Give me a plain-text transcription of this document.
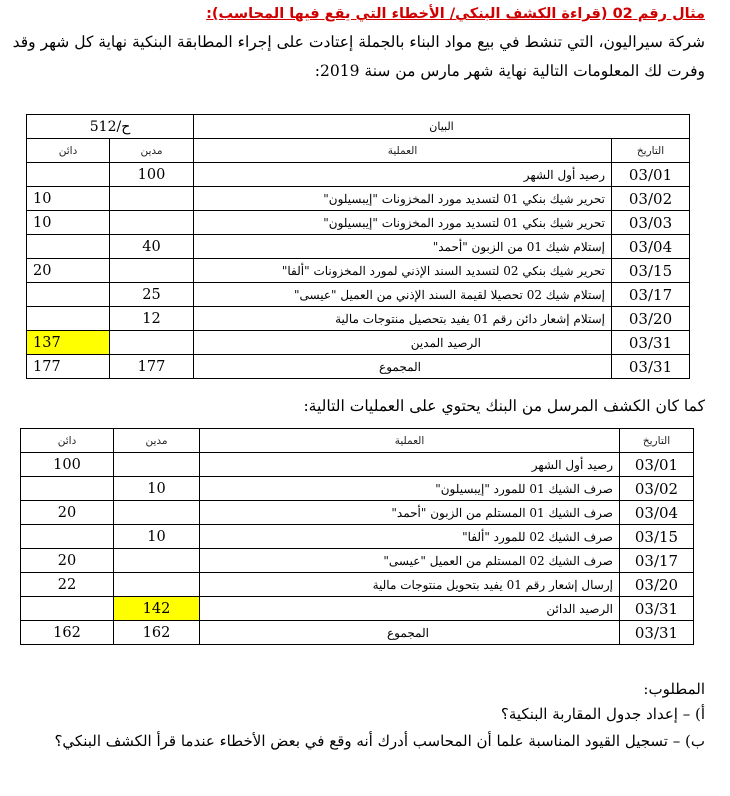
مثال رقم 02 (قراءة الكشف البنكي/ الأخطاء التي يقع فيها المحاسب):
شركة سيراليون، التي تنشط في بيع مواد البناء بالجملة إعتادت على إجراء المطابقة البنكية نهاية كل شهر وقد
وفرت لك المعلومات التالية نهاية شهر مارس من سنة 2019:
البيان		ح/512	
التاريخ	العملية	مدين	دائن
03/01	رصيد أول الشهر	100	
03/02	تحرير شيك بنكي 01 لتسديد مورد المخزونات "إيبسيلون"		10
03/03	تحرير شيك بنكي 01 لتسديد مورد المخزونات "إيبسيلون"		10
03/04	إستلام شيك 01 من الزبون "أحمد"	40	
03/15	تحرير شيك بنكي 02 لتسديد السند الإذني لمورد المخزونات "ألفا"		20
03/17	إستلام شيك 02 تحصيلا لقيمة السند الإذني من العميل "عيسى"	25	
03/20	إستلام إشعار دائن رقم 01 يفيد بتحصيل منتوجات مالية	12	
03/31	الرصيد المدين		137
03/31	المجموع	177	177
كما كان الكشف المرسل من البنك يحتوي على العمليات التالية:
التاريخ	العملية	مدين	دائن
03/01	رصيد أول الشهر		100
03/02	صرف الشيك 01 للمورد "إيبسيلون"	10	
03/04	صرف الشيك 01 المستلم من الزبون "أحمد"		20
03/15	صرف الشيك 02 للمورد "ألفا"	10	
03/17	صرف الشيك 02 المستلم من العميل "عيسى"		20
03/20	إرسال إشعار رقم 01 يفيد بتحويل منتوجات مالية		22
03/31	الرصيد الدائن	142	
03/31	المجموع	162	162
المطلوب:
أ) – إعداد جدول المقاربة البنكية؟
ب) – تسجيل القيود المناسبة علما أن المحاسب أدرك أنه وقع في بعض الأخطاء عندما قرأ الكشف البنكي؟
